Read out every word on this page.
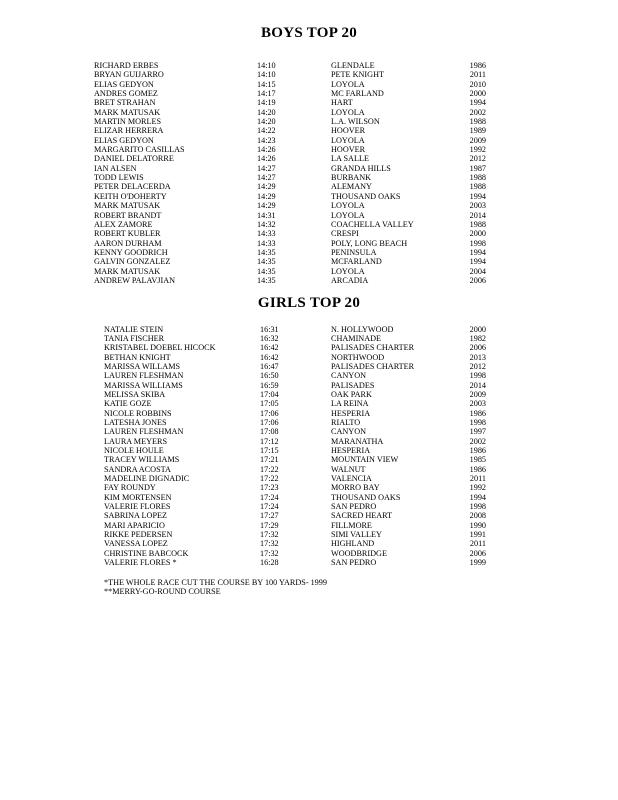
BOYS TOP 20
RICHARD ERBES	14:10	GLENDALE	1986
BRYAN GUIJARRO	14:10	PETE KNIGHT	2011
ELIAS GEDYON	14:15	LOYOLA	2010
ANDRES GOMEZ	14:17	MC FARLAND	2000
BRET STRAHAN	14:19	HART	1994
MARK MATUSAK	14:20	LOYOLA	2002
MARTIN MORLES	14:20	L.A. WILSON	1988
ELIZAR HERRERA	14:22	HOOVER	1989
ELIAS GEDYON	14:23	LOYOLA	2009
MARGARITO CASILLAS	14:26	HOOVER	1992
DANIEL DELATORRE	14:26	LA SALLE	2012
IAN ALSEN	14:27	GRANDA HILLS	1987
TODD LEWIS	14:27	BURBANK	1988
PETER DELACERDA	14:29	ALEMANY	1988
KEITH O'DOHERTY	14:29	THOUSAND OAKS	1994
MARK MATUSAK	14:29	LOYOLA	2003
ROBERT BRANDT	14:31	LOYOLA	2014
ALEX ZAMORE	14:32	COACHELLA VALLEY	1988
ROBERT KUBLER	14:33	CRESPI	2000
AARON DURHAM	14:33	POLY, LONG BEACH	1998
KENNY GOODRICH	14:35	PENINSULA	1994
GALVIN GONZALEZ	14:35	MCFARLAND	1994
MARK MATUSAK	14:35	LOYOLA	2004
ANDREW PALAVJIAN	14:35	ARCADIA	2006
GIRLS TOP 20
NATALIE STEIN	16:31	N. HOLLYWOOD	2000
TANIA FISCHER	16:32	CHAMINADE	1982
KRISTABEL DOEBEL HICOCK	16:42	PALISADES CHARTER	2006
BETHAN KNIGHT	16:42	NORTHWOOD	2013
MARISSA WILLAMS	16:47	PALISADES CHARTER	2012
LAUREN FLESHMAN	16:50	CANYON	1998
MARISSA WILLIAMS	16:59	PALISADES	2014
MELISSA SKIBA	17:04	OAK PARK	2009
KATIE GOZE	17:05	LA REINA	2003
NICOLE ROBBINS	17:06	HESPERIA	1986
LATESHA JONES	17:06	RIALTO	1998
LAUREN FLESHMAN	17:08	CANYON	1997
LAURA MEYERS	17:12	MARANATHA	2002
NICOLE HOULE	17:15	HESPERIA	1986
TRACEY WILLIAMS	17:21	MOUNTAIN VIEW	1985
SANDRA ACOSTA	17:22	WALNUT	1986
MADELINE DIGNADIC	17:22	VALENCIA	2011
FAY ROUNDY	17:23	MORRO BAY	1992
KIM MORTENSEN	17:24	THOUSAND OAKS	1994
VALERIE FLORES	17:24	SAN PEDRO	1998
SABRINA LOPEZ	17:27	SACRED HEART	2008
MARI APARICIO	17:29	FILLMORE	1990
RIKKE PEDERSEN	17:32	SIMI VALLEY	1991
VANESSA LOPEZ	17:32	HIGHLAND	2011
CHRISTINE BABCOCK	17:32	WOODBRIDGE	2006
VALERIE FLORES *	16:28	SAN PEDRO	1999
*THE WHOLE RACE CUT THE COURSE BY 100 YARDS- 1999
**MERRY-GO-ROUND COURSE
